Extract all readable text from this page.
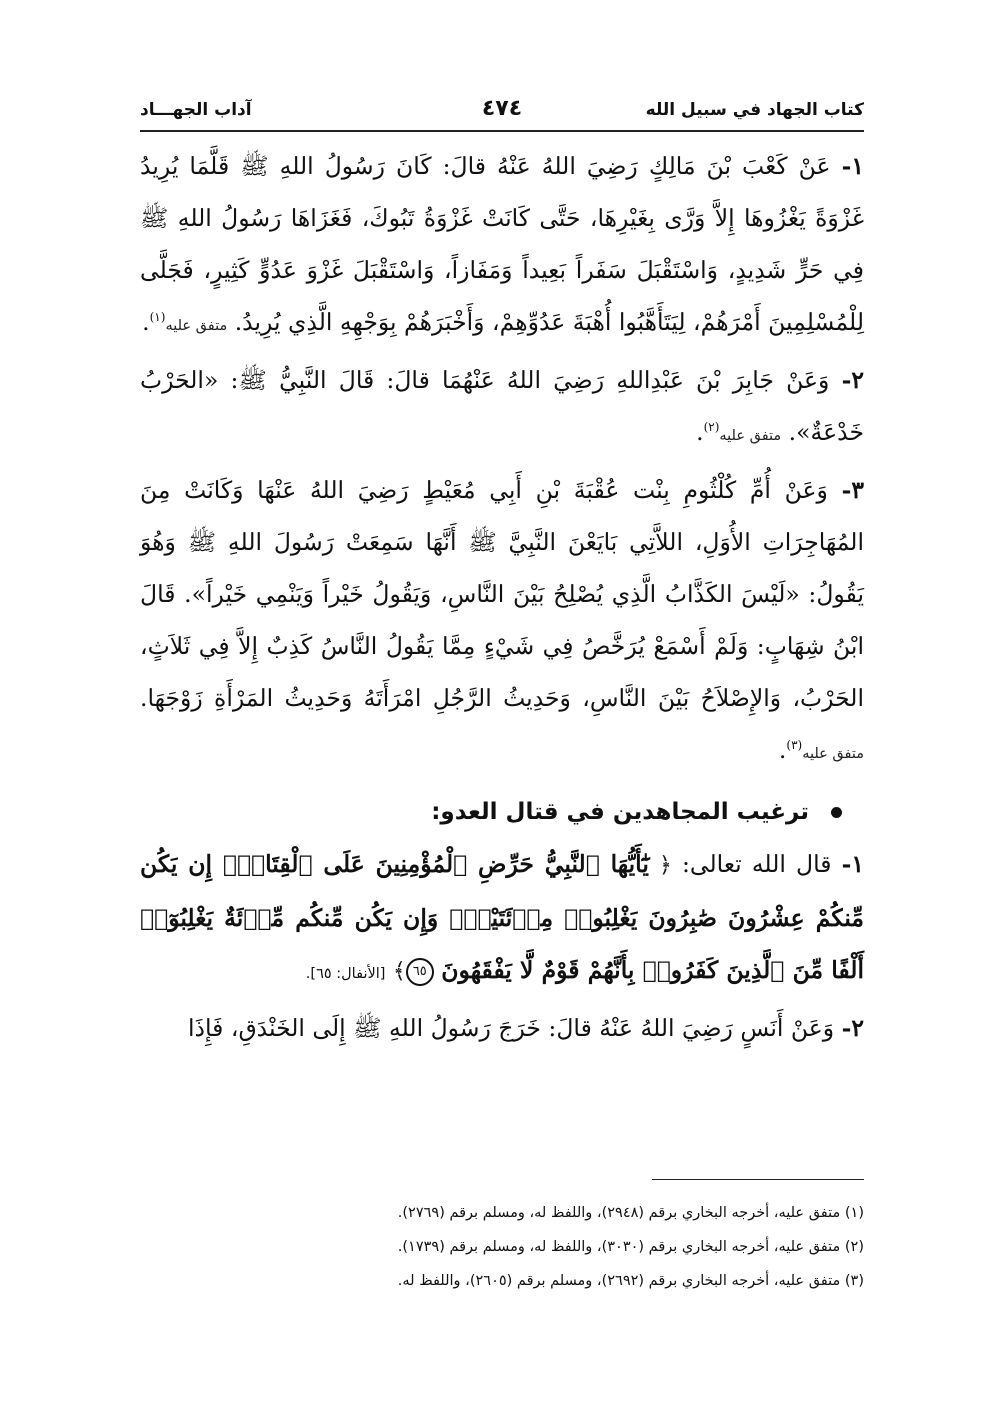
كتاب الجهاد في سبيل الله
٤٧٤
آداب الجهـــاد

١- عَنْ كَعْبَ بْنَ مَالِكٍ رَضِيَ اللهُ عَنْهُ قالَ: كَانَ رَسُولُ اللهِ ﷺ قَلَّمَا يُرِيدُ غَزْوَةً يَغْزُوهَا إِلاَّ وَرَّى بِغَيْرِهَا، حَتَّى كَانَتْ غَزْوَةُ تَبُوكَ، فَغَزَاهَا رَسُولُ اللهِ ﷺ فِي حَرٍّ شَدِيدٍ، وَاسْتَقْبَلَ سَفَراً بَعِيداً وَمَفَازاً، وَاسْتَقْبَلَ غَزْوَ عَدُوٍّ كَثِيرٍ، فَجَلَّى لِلْمُسْلِمِينَ أَمْرَهُمْ، لِيَتَأَهَّبُوا أُهْبَةَ عَدُوِّهِمْ، وَأَخْبَرَهُمْ بِوَجْهِهِ الَّذِي يُرِيدُ. متفق عليه$^{(١)}$.

٢- وَعَنْ جَابِرَ بْنَ عَبْدِاللهِ رَضِيَ اللهُ عَنْهُمَا قالَ: قَالَ النَّبِيُّ ﷺ: «الحَرْبُ خَدْعَةٌ». متفق عليه$^{(٢)}$.

٣- وَعَنْ أُمِّ كُلْثُومِ بِنْت عُقْبَةَ بْنِ أَبِي مُعَيْطٍ رَضِيَ اللهُ عَنْهَا وَكَانَتْ مِنَ المُهَاجِرَاتِ الأُوَلِ، اللاَّتِي بَايَعْنَ النَّبِيَّ ﷺ أَنَّهَا سَمِعَتْ رَسُولَ اللهِ ﷺ وَهُوَ يَقُولُ: «لَيْسَ الكَذَّابُ الَّذِي يُصْلِحُ بَيْنَ النَّاسِ، وَيَقُولُ خَيْراً وَيَنْمِي خَيْراً». قَالَ ابْنُ شِهَابٍ: وَلَمْ أَسْمَعْ يُرَخَّصُ فِي شَيْءٍ مِمَّا يَقُولُ النَّاسُ كَذِبٌ إِلاَّ فِي ثَلاَثٍ، الحَرْبُ، وَالإِصْلاَحُ بَيْنَ النَّاسِ، وَحَدِيثُ الرَّجُلِ امْرَأَتَهُ وَحَدِيثُ المَرْأَةِ زَوْجَهَا. متفق عليه$^{(٣)}$.

ترغيب المجاهدين في قتال العدو:

١- قال الله تعالى: ﴿ يَٰٓأَيُّهَا ٱلنَّبِيُّ حَرِّضِ ٱلْمُؤْمِنِينَ عَلَى ٱلْقِتَالِۚ إِن يَكُن مِّنكُمْ عِشْرُونَ صَٰبِرُونَ يَغْلِبُوا۟ مِا۟ئَتَيْنِۚ وَإِن يَكُن مِّنكُم مِّا۟ئَةٌ يَغْلِبُوٓا۟ أَلْفًا مِّنَ ٱلَّذِينَ كَفَرُوا۟ بِأَنَّهُمْ قَوْمٌ لَّا يَفْقَهُونَ ٦٥﴾ [الأنفال: ٦٥].

٢- وَعَنْ أَنَسٍ رَضِيَ اللهُ عَنْهُ قالَ: خَرَجَ رَسُولُ اللهِ ﷺ إِلَى الخَنْدَقِ، فَإِذَا

(١) متفق عليه، أخرجه البخاري برقم (٢٩٤٨)، واللفظ له، ومسلم برقم (٢٧٦٩).
(٢) متفق عليه، أخرجه البخاري برقم (٣٠٣٠)، واللفظ له، ومسلم برقم (١٧٣٩).
(٣) متفق عليه، أخرجه البخاري برقم (٢٦٩٢)، ومسلم برقم (٢٦٠٥)، واللفظ له.
